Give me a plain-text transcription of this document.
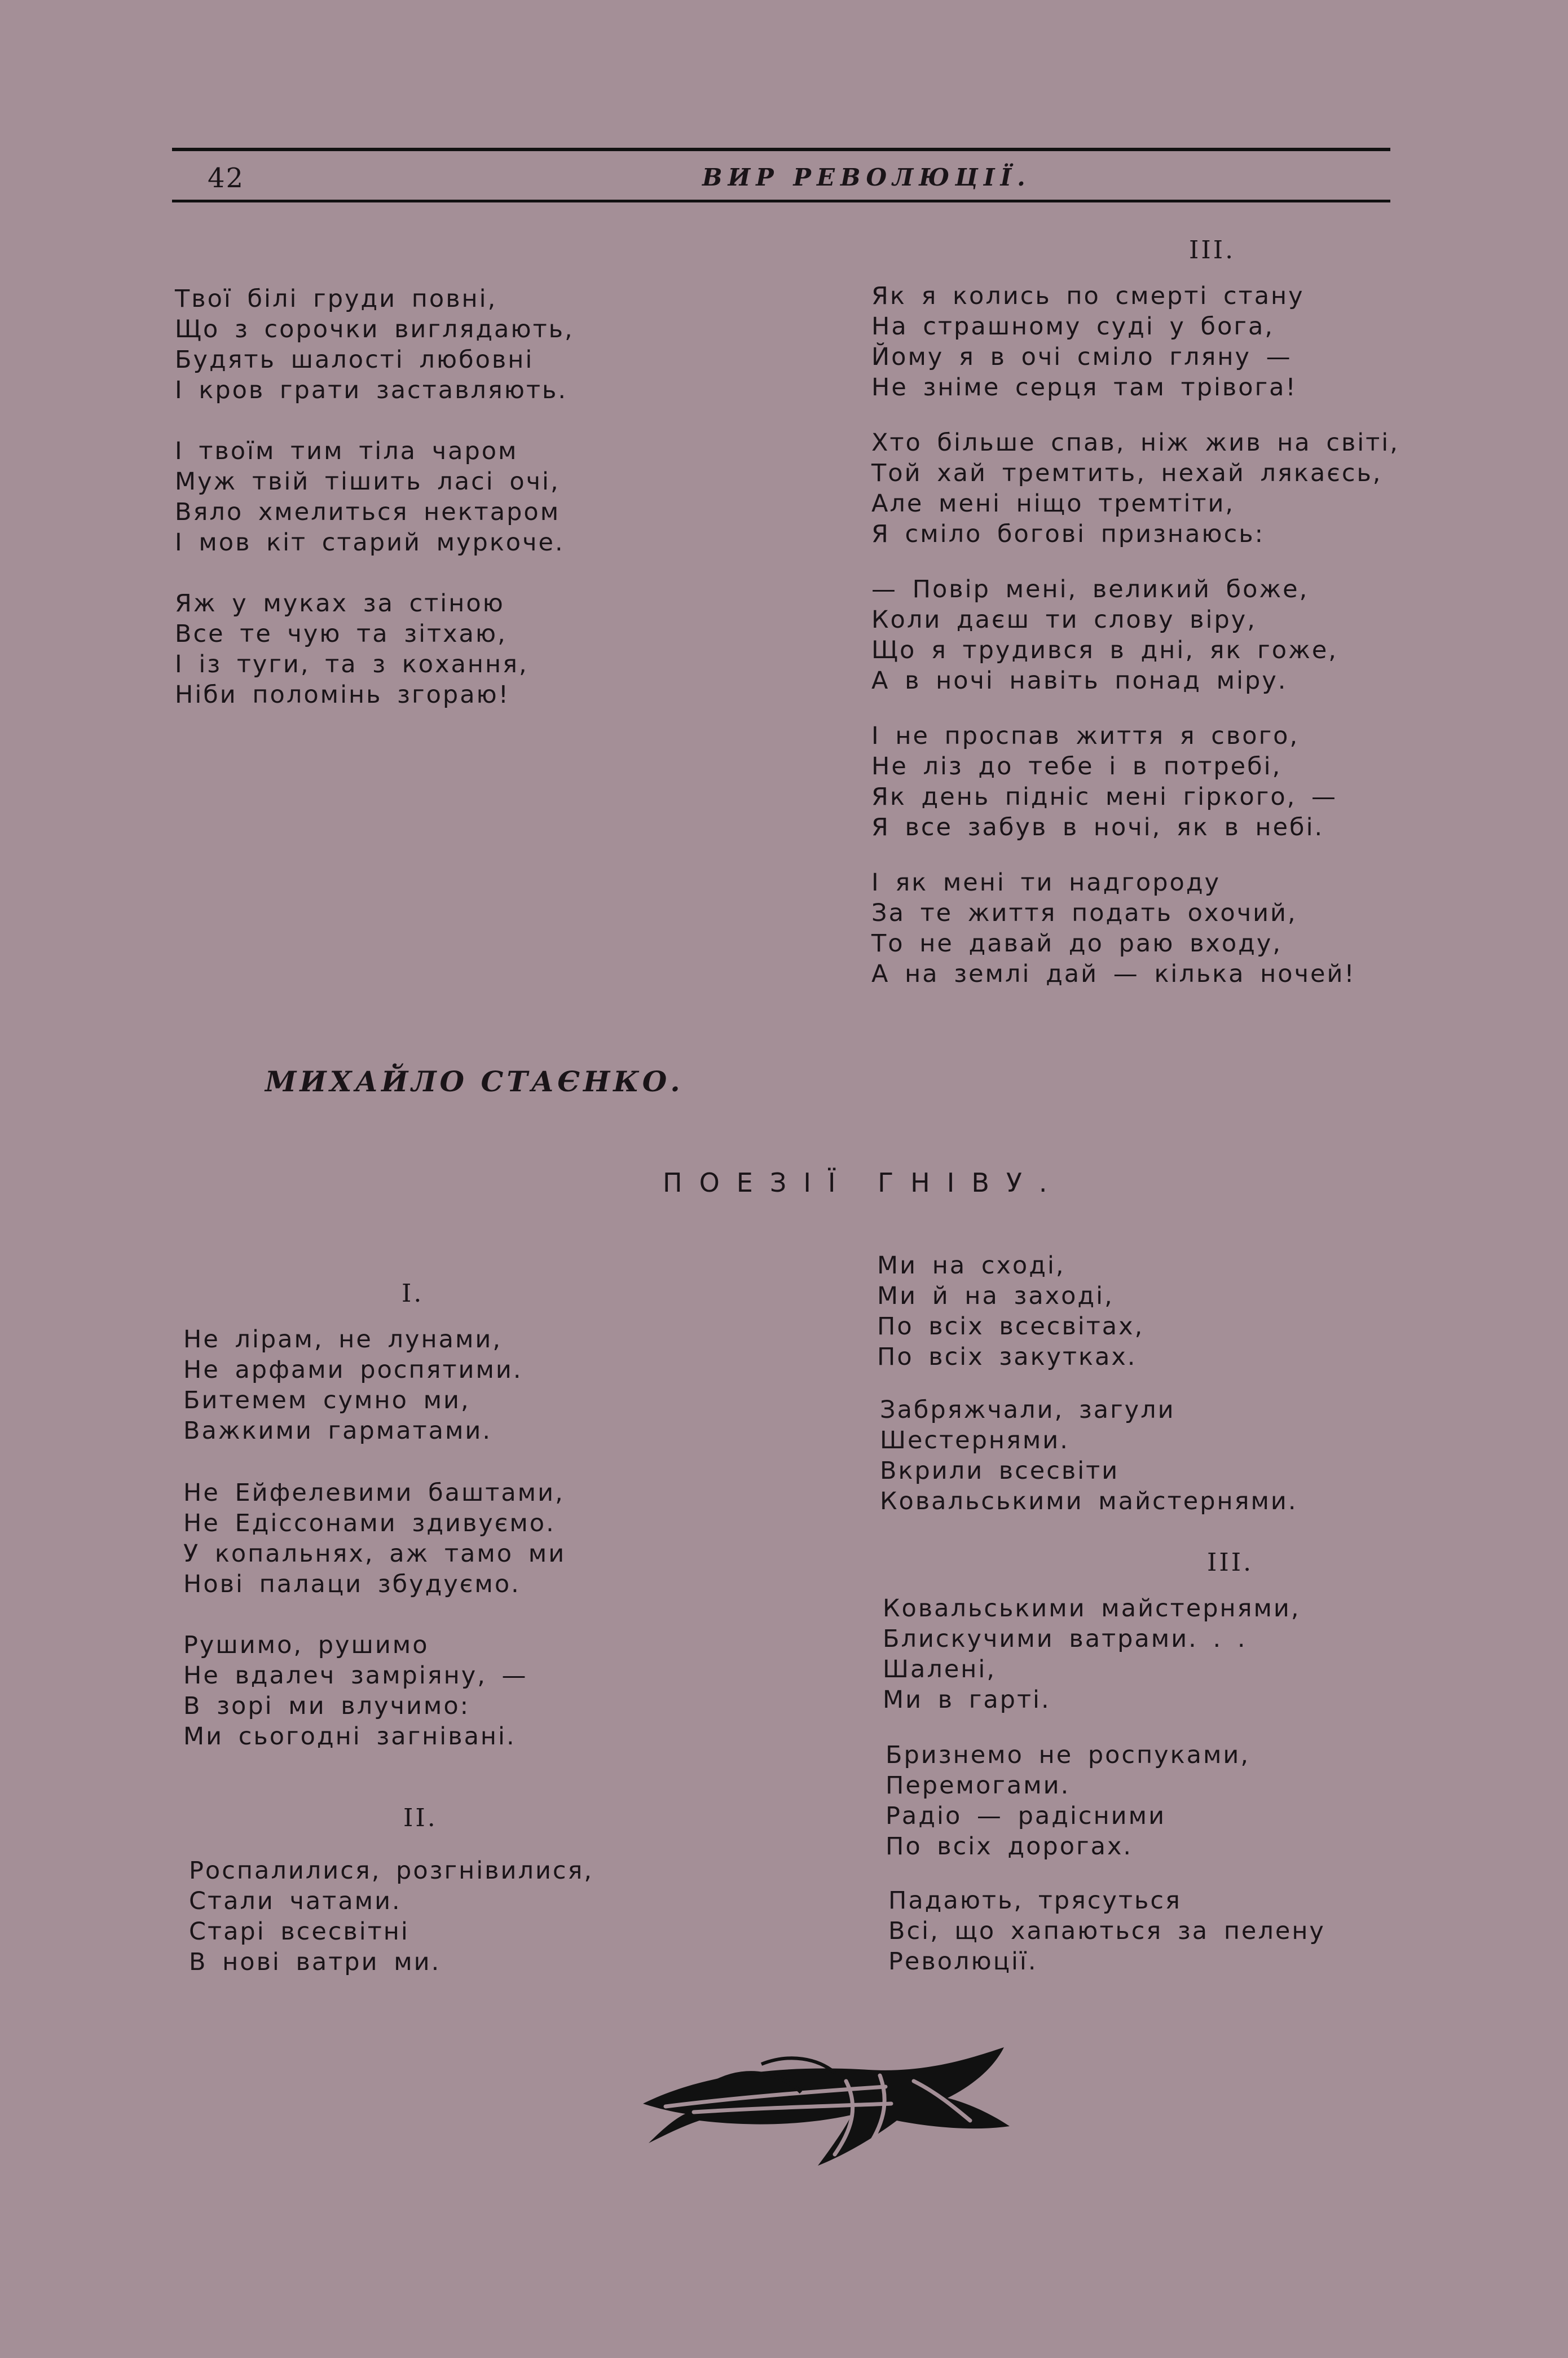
42	ВИР РЕВОЛЮЦІЇ.

Твої білі груди повні,
Що з сорочки виглядають,
Будять шалості любовні
І кров грати заставляють.

І твоїм тим тіла чаром
Муж твій тішить ласі очі,
Вяло хмелиться нектаром
І мов кіт старий муркоче.

Яж у муках за стіною
Все те чую та зітхаю,
І із туги, та з кохання,
Ніби поломінь згораю!

III.

Як я колись по смерті стану
На страшному суді у бога,
Йому я в очі сміло гляну —
Не зніме серця там трівога!

Хто більше спав, ніж жив на світі,
Той хай тремтить, нехай лякаєсь,
Але мені ніщо тремтіти,
Я сміло богові признаюсь:

— Повір мені, великий боже,
Коли даєш ти слову віру,
Що я трудився в дні, як гоже,
А в ночі навіть понад міру.

І не проспав життя я свого,
Не ліз до тебе і в потребі,
Як день підніс мені гіркого, —
Я все забув в ночі, як в небі.

І як мені ти надгороду
За те життя подать охочий,
То не давай до раю входу,
А на землі дай — кілька ночей!

МИХАЙЛО СТАЄНКО.
ПОЕЗІЇ ГНІВУ.
І.

Не лірам, не лунами,
Не арфами роспятими.
Битемем сумно ми,
Важкими гарматами.

Не Ейфелевими баштами,
Не Едіссонами здивуємо.
У копальнях, аж тамо ми
Нові палаци збудуємо.

Рушимо, рушимо
Не вдалеч замріяну, —
В зорі ми влучимо:
Ми сьогодні загнівані.

ІІ.

Роспалилися, розгнівилися,
Стали чатами.
Старі всесвітні
В нові ватри ми.

Ми на сході,
Ми й на заході,
По всіх всесвітах,
По всіх закутках.

Забряжчали, загули
Шестернями.
Вкрили всесвіти
Ковальськими майстернями.

ІІІ.

Ковальськими майстернями,
Блискучими ватрами. . .
Шалені,
Ми в гарті.

Бризнемо не роспуками,
Перемогами.
Радіо — радісними
По всіх дорогах.

Падають, трясуться
Всі, що хапаються за пелену
Революції.
